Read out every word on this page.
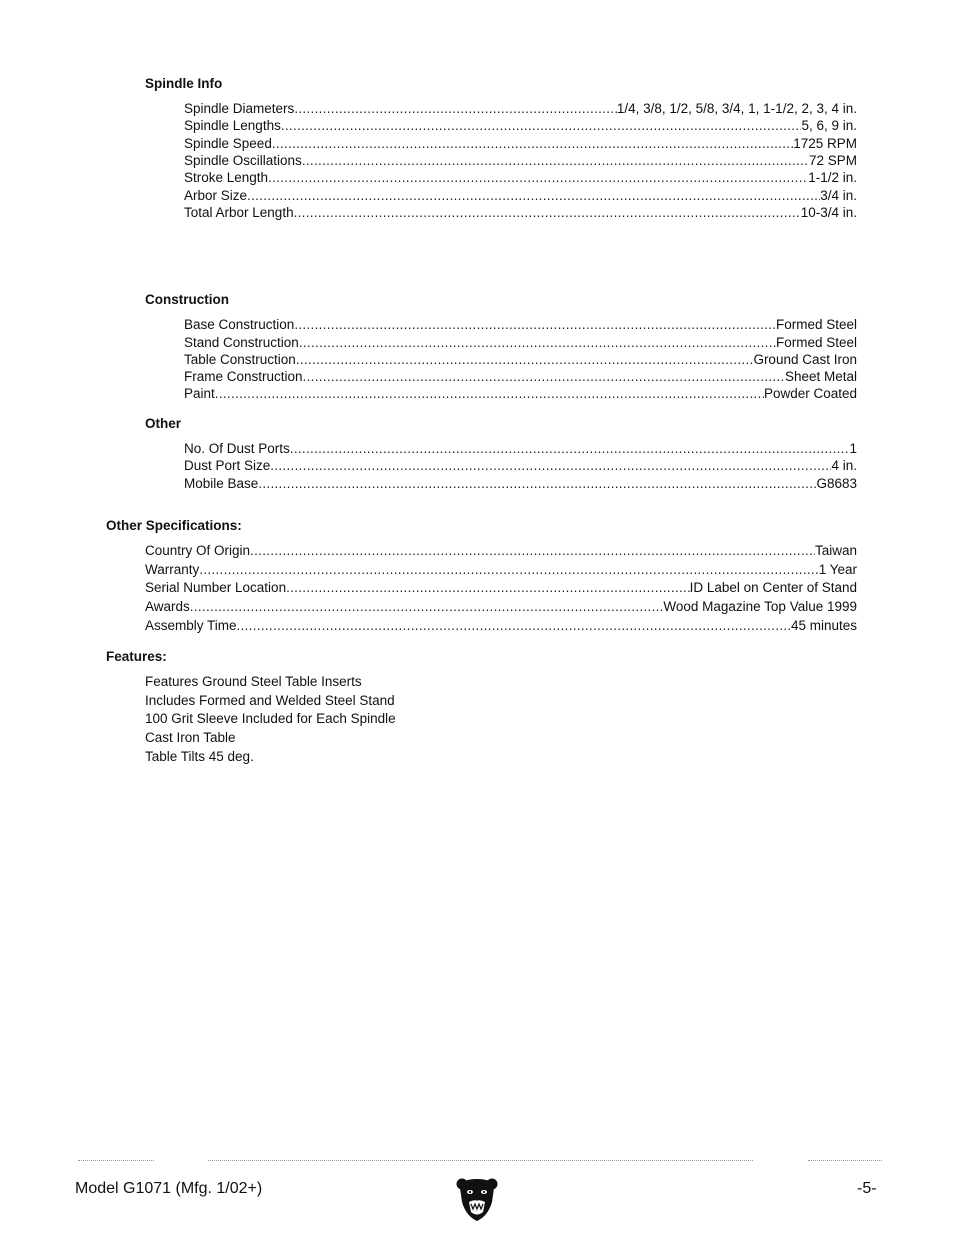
Spindle Info
Spindle Diameters .....	1/4, 3/8, 1/2, 5/8, 3/4, 1, 1-1/2, 2, 3, 4 in.
Spindle Lengths .....	5, 6, 9 in.
Spindle Speed .....	1725 RPM
Spindle Oscillations .....	72 SPM
Stroke Length .....	1-1/2 in.
Arbor Size .....	3/4 in.
Total Arbor Length .....	10-3/4 in.
Construction
Base Construction .....	Formed Steel
Stand Construction .....	Formed Steel
Table Construction .....	Ground Cast Iron
Frame Construction .....	Sheet Metal
Paint .....	Powder Coated
Other
No. Of Dust Ports .....	1
Dust Port Size .....	4 in.
Mobile Base .....	G8683
Other Specifications:
Country Of Origin .....	Taiwan
Warranty .....	1 Year
Serial Number Location .....	ID Label on Center of Stand
Awards .....	Wood Magazine Top Value 1999
Assembly Time .....	45 minutes
Features:
Features Ground Steel Table Inserts
Includes Formed and Welded Steel Stand
100 Grit Sleeve Included for Each Spindle
Cast Iron Table
Table Tilts 45 deg.
Model G1071 (Mfg. 1/02+)	-5-
